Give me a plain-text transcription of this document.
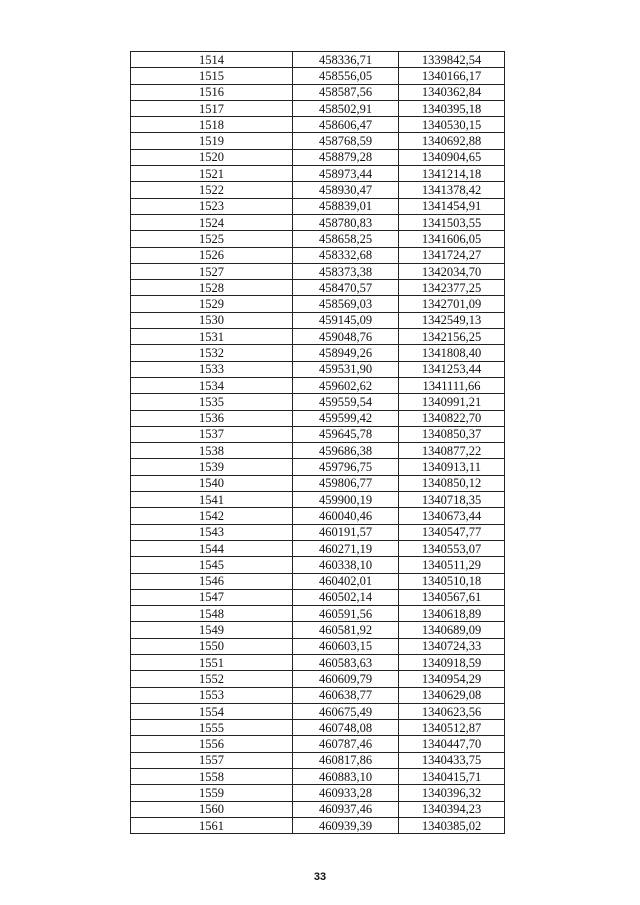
1514	458336,71	1339842,54
1515	458556,05	1340166,17
1516	458587,56	1340362,84
1517	458502,91	1340395,18
1518	458606,47	1340530,15
1519	458768,59	1340692,88
1520	458879,28	1340904,65
1521	458973,44	1341214,18
1522	458930,47	1341378,42
1523	458839,01	1341454,91
1524	458780,83	1341503,55
1525	458658,25	1341606,05
1526	458332,68	1341724,27
1527	458373,38	1342034,70
1528	458470,57	1342377,25
1529	458569,03	1342701,09
1530	459145,09	1342549,13
1531	459048,76	1342156,25
1532	458949,26	1341808,40
1533	459531,90	1341253,44
1534	459602,62	1341111,66
1535	459559,54	1340991,21
1536	459599,42	1340822,70
1537	459645,78	1340850,37
1538	459686,38	1340877,22
1539	459796,75	1340913,11
1540	459806,77	1340850,12
1541	459900,19	1340718,35
1542	460040,46	1340673,44
1543	460191,57	1340547,77
1544	460271,19	1340553,07
1545	460338,10	1340511,29
1546	460402,01	1340510,18
1547	460502,14	1340567,61
1548	460591,56	1340618,89
1549	460581,92	1340689,09
1550	460603,15	1340724,33
1551	460583,63	1340918,59
1552	460609,79	1340954,29
1553	460638,77	1340629,08
1554	460675,49	1340623,56
1555	460748,08	1340512,87
1556	460787,46	1340447,70
1557	460817,86	1340433,75
1558	460883,10	1340415,71
1559	460933,28	1340396,32
1560	460937,46	1340394,23
1561	460939,39	1340385,02
33
